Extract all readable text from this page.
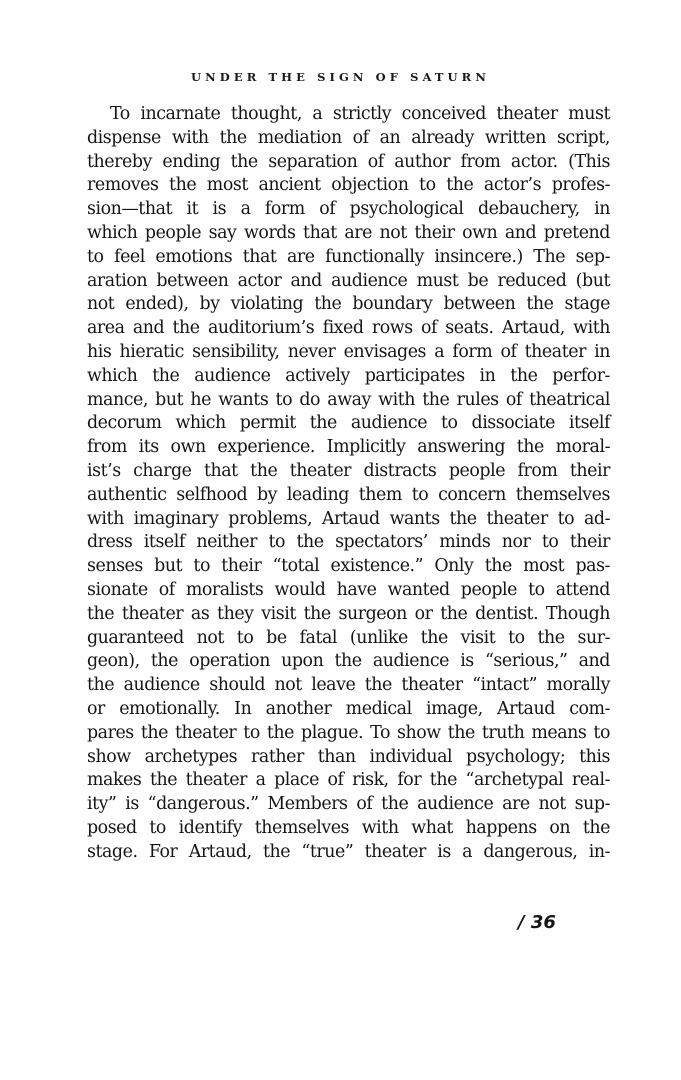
UNDER THE SIGN OF SATURN
To incarnate thought, a strictly conceived theater must
dispense with the mediation of an already written script,
thereby ending the separation of author from actor. (This
removes the most ancient objection to the actor’s profes-
sion—that it is a form of psychological debauchery, in
which people say words that are not their own and pretend
to feel emotions that are functionally insincere.) The sep-
aration between actor and audience must be reduced (but
not ended), by violating the boundary between the stage
area and the auditorium’s fixed rows of seats. Artaud, with
his hieratic sensibility, never envisages a form of theater in
which the audience actively participates in the perfor-
mance, but he wants to do away with the rules of theatrical
decorum which permit the audience to dissociate itself
from its own experience. Implicitly answering the moral-
ist’s charge that the theater distracts people from their
authentic selfhood by leading them to concern themselves
with imaginary problems, Artaud wants the theater to ad-
dress itself neither to the spectators’ minds nor to their
senses but to their “total existence.” Only the most pas-
sionate of moralists would have wanted people to attend
the theater as they visit the surgeon or the dentist. Though
guaranteed not to be fatal (unlike the visit to the sur-
geon), the operation upon the audience is “serious,” and
the audience should not leave the theater “intact” morally
or emotionally. In another medical image, Artaud com-
pares the theater to the plague. To show the truth means to
show archetypes rather than individual psychology; this
makes the theater a place of risk, for the “archetypal real-
ity” is “dangerous.” Members of the audience are not sup-
posed to identify themselves with what happens on the
stage. For Artaud, the “true” theater is a dangerous, in-
/ 36
